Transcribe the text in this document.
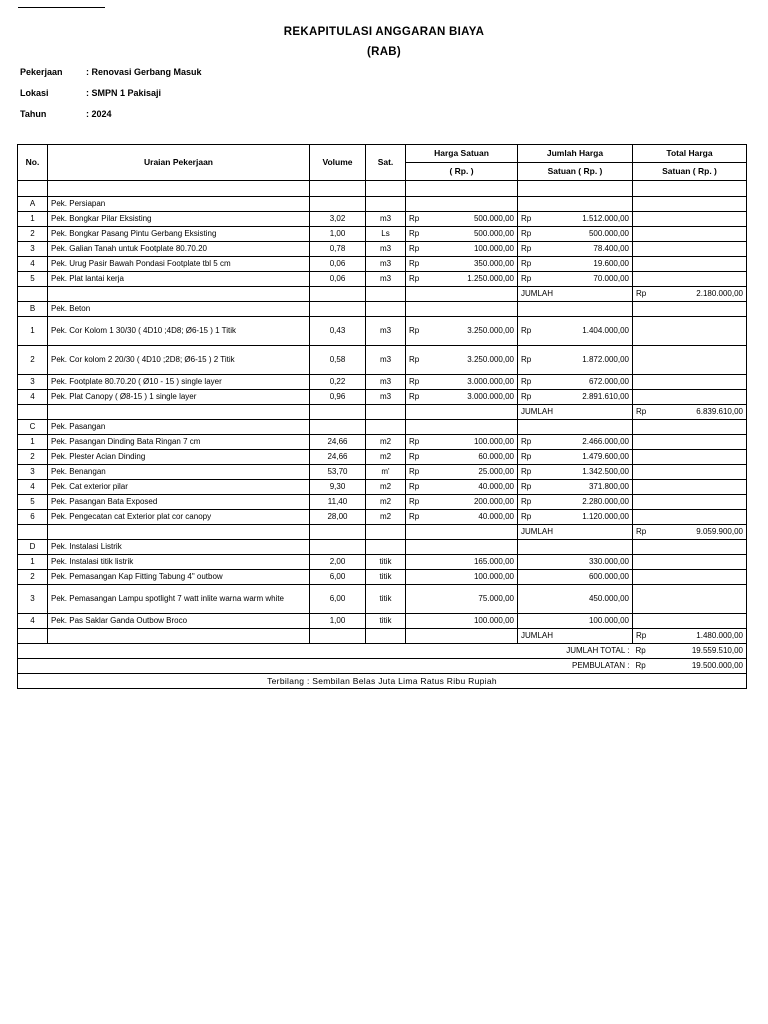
REKAPITULASI ANGGARAN BIAYA
(RAB)
Pekerjaan	: Renovasi Gerbang Masuk
Lokasi	: SMPN 1 Pakisaji
Tahun	: 2024
No.	Uraian Pekerjaan	Volume	Sat.	Harga Satuan	Jumlah Harga	Total Harga
				( Rp. )	Satuan ( Rp. )	Satuan ( Rp. )

A	Pek. Persiapan					
1	Pek. Bongkar Pilar Eksisting	3,02	m3	Rp 500.000,00	Rp 1.512.000,00	

2	Pek. Bongkar Pasang Pintu Gerbang Eksisting	1,00	Ls	Rp 500.000,00	Rp 500.000,00	

3	Pek. Galian Tanah untuk Footplate 80.70.20	0,78	m3	Rp 100.000,00	Rp 78.400,00	

4	Pek. Urug Pasir Bawah Pondasi Footplate tbl 5 cm	0,06	m3	Rp 350.000,00	Rp 19.600,00	

5	Pek. Plat lantai kerja	0,06	m3	Rp 1.250.000,00	Rp 70.000,00	

					JUMLAH	Rp 2.180.000,00

B	Pek. Beton					
1	Pek. Cor Kolom 1 30/30 ( 4D10 ;4D8; Ø6-15 ) 1 Titik	0,43	m3	Rp 3.250.000,00	Rp 1.404.000,00	

2	Pek. Cor kolom 2 20/30 ( 4D10 ;2D8; Ø6-15 ) 2 Titik	0,58	m3	Rp 3.250.000,00	Rp 1.872.000,00	

3	Pek. Footplate 80.70.20 ( Ø10 - 15 ) single layer	0,22	m3	Rp 3.000.000,00	Rp 672.000,00	

4	Pek. Plat Canopy ( Ø8-15 ) 1 single layer	0,96	m3	Rp 3.000.000,00	Rp 2.891.610,00	

					JUMLAH	Rp 6.839.610,00

C	Pek. Pasangan					
1	Pek. Pasangan Dinding Bata Ringan 7 cm	24,66	m2	Rp 100.000,00	Rp 2.466.000,00	

2	Pek. Plester Acian Dinding	24,66	m2	Rp 60.000,00	Rp 1.479.600,00	

3	Pek. Benangan	53,70	m'	Rp 25.000,00	Rp 1.342.500,00	

4	Pek. Cat exterior pilar	9,30	m2	Rp 40.000,00	Rp 371.800,00	

5	Pek. Pasangan Bata Exposed	11,40	m2	Rp 200.000,00	Rp 2.280.000,00	

6	Pek. Pengecatan cat Exterior plat cor canopy	28,00	m2	Rp 40.000,00	Rp 1.120.000,00	

					JUMLAH	Rp 9.059.900,00

D	Pek. Instalasi Listrik					
1	Pek. Instalasi titik listrik	2,00	titik	165.000,00	330.000,00	

2	Pek. Pemasangan Kap Fitting Tabung 4" outbow	6,00	titik	100.000,00	600.000,00	

3	Pek. Pemasangan Lampu spotlight 7 watt inlite warna warm white	6,00	titik	75.000,00	450.000,00	

4	Pek. Pas Saklar Ganda Outbow Broco	1,00	titik	100.000,00	100.000,00	

					JUMLAH	Rp 1.480.000,00

JUMLAH TOTAL :						Rp 19.559.510,00

PEMBULATAN :						Rp 19.500.000,00

Terbilang : Sembilan Belas Juta Lima Ratus Ribu Rupiah						
